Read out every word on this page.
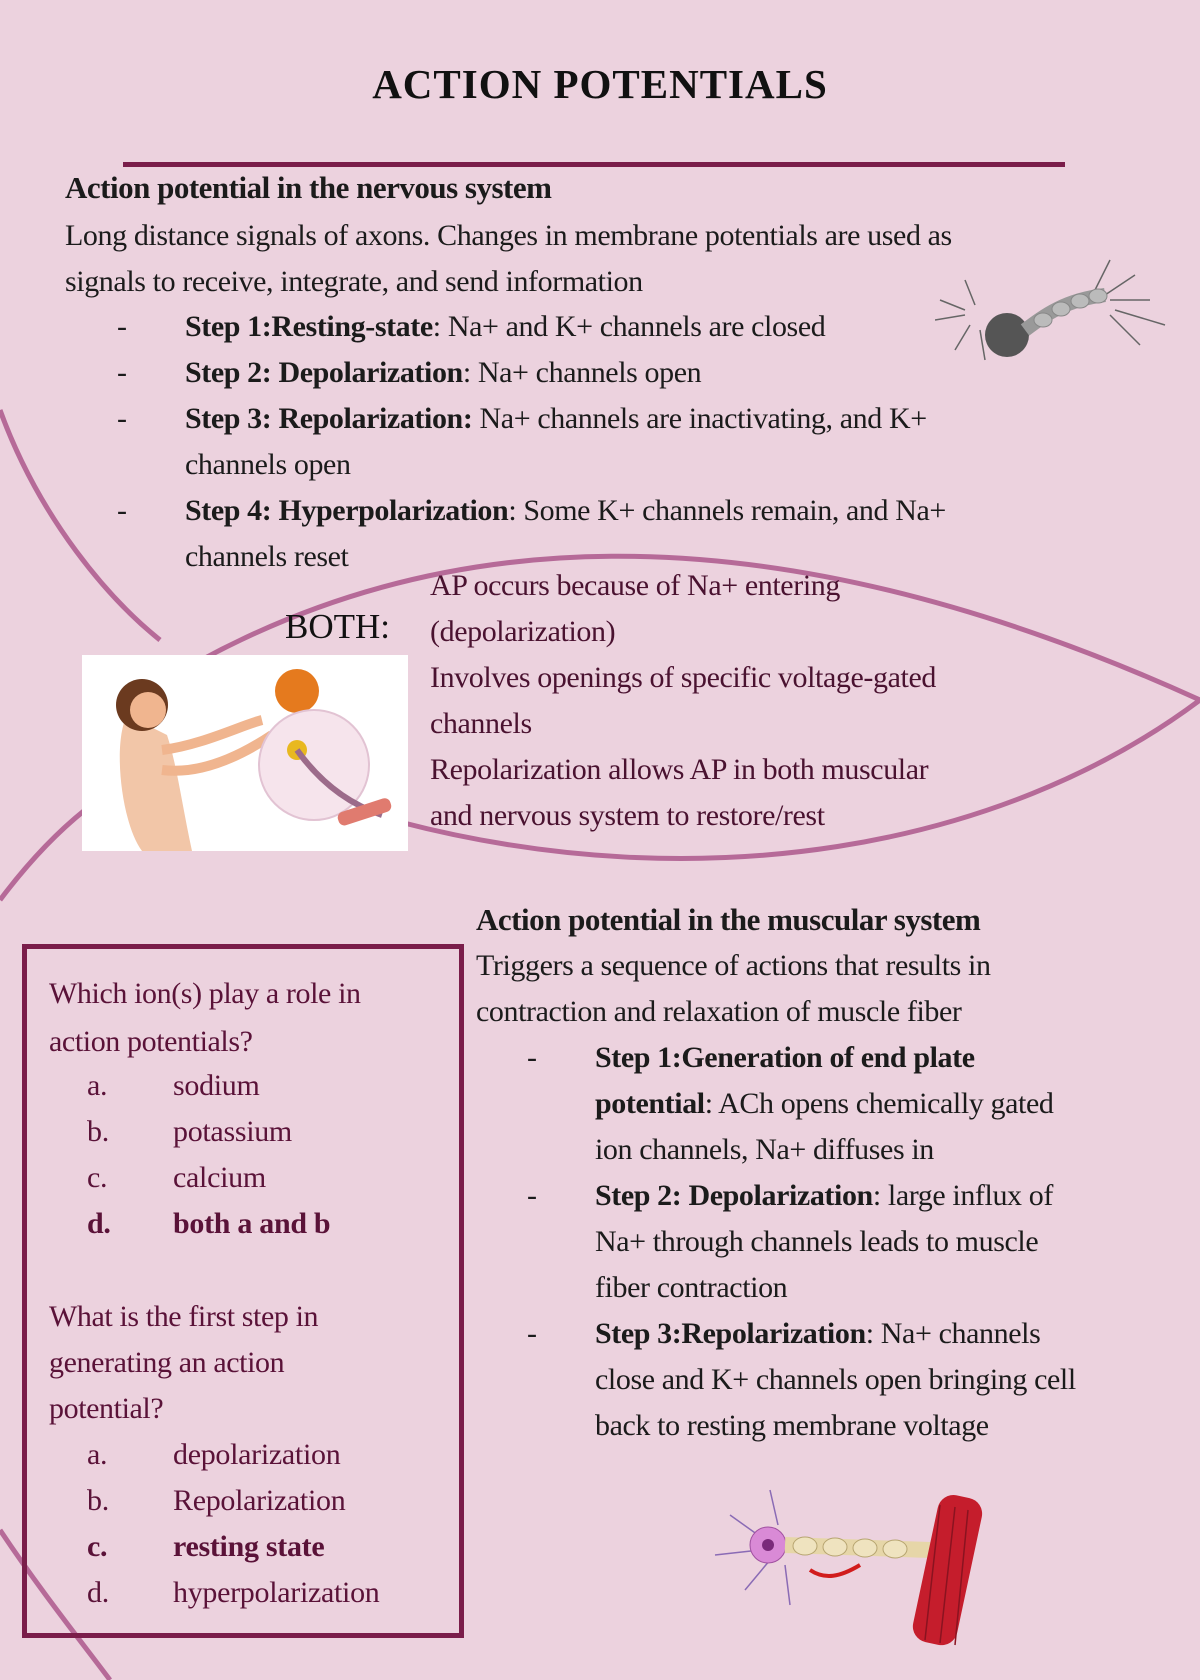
ACTION POTENTIALS
Action potential in the nervous system
Long distance signals of axons. Changes in membrane potentials are used as
signals to receive, integrate, and send information
- Step 1:Resting-state: Na+ and K+ channels are closed
- Step 2: Depolarization: Na+ channels open
- Step 3: Repolarization: Na+ channels are inactivating, and K+
channels open
- Step 4: Hyperpolarization: Some K+ channels remain, and Na+
channels reset
BOTH:
AP occurs because of Na+ entering
(depolarization)
Involves openings of specific voltage-gated
channels
Repolarization allows AP in both muscular
and nervous system to restore/rest
Action potential in the muscular system
Triggers a sequence of actions that results in
contraction and relaxation of muscle fiber
- Step 1:Generation of end plate
potential: ACh opens chemically gated
ion channels, Na+ diffuses in
- Step 2: Depolarization: large influx of
Na+ through channels leads to muscle
fiber contraction
- Step 3:Repolarization: Na+ channels
close and K+ channels open bringing cell
back to resting membrane voltage
Which ion(s) play a role in
action potentials?
a. sodium
b. potassium
c. calcium
d. both a and b
What is the first step in
generating an action
potential?
a. depolarization
b. Repolarization
c. resting state
d. hyperpolarization
